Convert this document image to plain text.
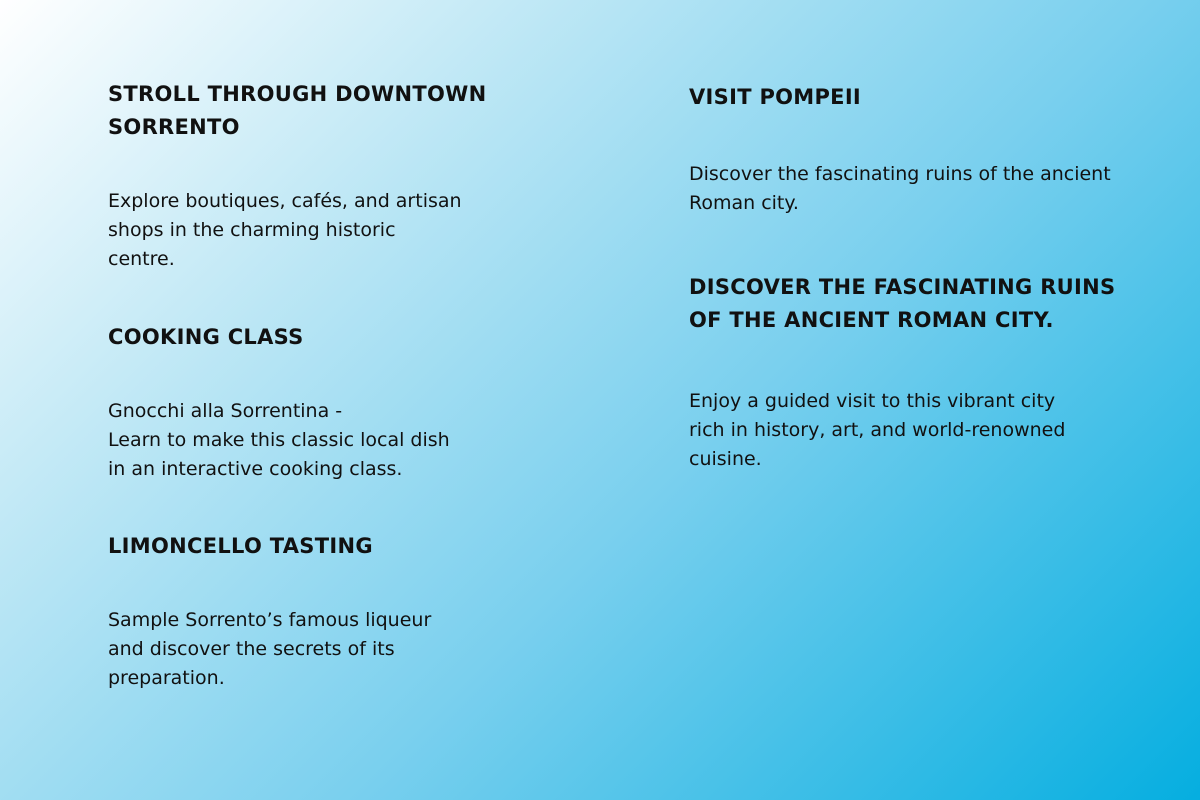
STROLL THROUGH DOWNTOWN
SORRENTO

Explore boutiques, cafés, and artisan
shops in the charming historic
centre.

COOKING CLASS

Gnocchi alla Sorrentina -
Learn to make this classic local dish
in an interactive cooking class.

LIMONCELLO TASTING

Sample Sorrento’s famous liqueur
and discover the secrets of its
preparation.

VISIT POMPEII

Discover the fascinating ruins of the ancient
Roman city.

DISCOVER THE FASCINATING RUINS
OF THE ANCIENT ROMAN CITY.

Enjoy a guided visit to this vibrant city
rich in history, art, and world-renowned
cuisine.
